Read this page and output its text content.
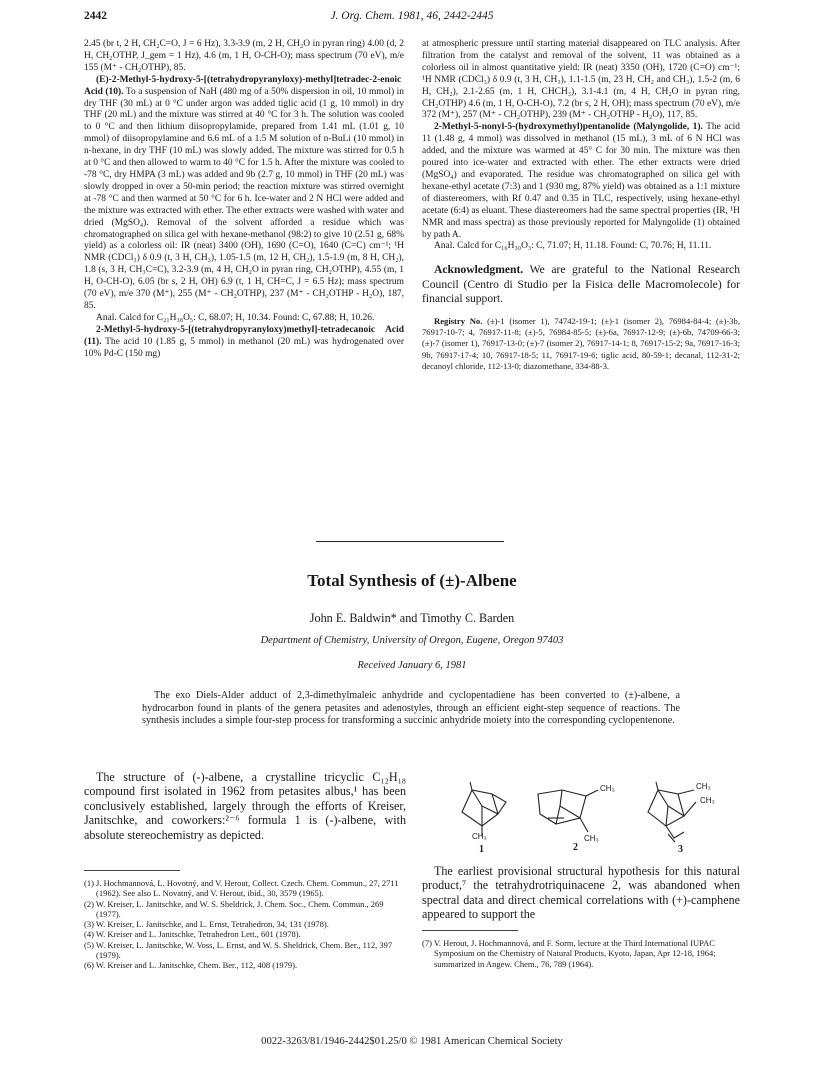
2442	J. Org. Chem. 1981, 46, 2442-2445

2.45 (br t, 2 H, CH₂C=O, J = 6 Hz), 3.3-3.9 (m, 2 H, CH₂O in pyran ring) 4.00 (d, 2 H, CH₂OTHP, J_gem = 1 Hz), 4.6 (m, 1 H, O-CH-O); mass spectrum (70 eV), m/e 155 (M⁺ - CH₂OTHP), 85.

(E)-2-Methyl-5-hydroxy-5-[(tetrahydropyranyloxy)-methyl]tetradec-2-enoic Acid (10). To a suspension of NaH (480 mg of a 50% dispersion in oil, 10 mmol) in dry THF (30 mL) at 0 °C under argon was added tiglic acid (1 g, 10 mmol) in dry THF (20 mL) and the mixture was stirred at 40 °C for 3 h. The solution was cooled to 0 °C and then lithium diisopropylamide, prepared from 1.41 mL (1.01 g, 10 mmol) of diisopropylamine and 6.6 mL of a 1.5 M solution of n-BuLi (10 mmol) in n-hexane, in dry THF (10 mL) was slowly added. The mixture was stirred for 0.5 h at 0 °C and then allowed to warm to 40 °C for 1.5 h. After the mixture was cooled to -78 °C, dry HMPA (3 mL) was added and 9b (2.7 g, 10 mmol) in THF (20 mL) was slowly dropped in over a 50-min period; the reaction mixture was stirred overnight at -78 °C and then warmed at 50 °C for 6 h. Ice-water and 2 N HCl were added and the mixture was extracted with ether. The ether extracts were washed with water and dried (MgSO₄). Removal of the solvent afforded a residue which was chromatographed on silica gel with hexane-methanol (98:2) to give 10 (2.51 g, 68% yield) as a colorless oil: IR (neat) 3400 (OH), 1690 (C=O), 1640 (C=C) cm⁻¹; ¹H NMR (CDCl₃) δ 0.9 (t, 3 H, CH₃), 1.05-1.5 (m, 12 H, CH₂), 1.5-1.9 (m, 8 H, CH₂), 1.8 (s, 3 H, CH₃C=C), 3.2-3.9 (m, 4 H, CH₂O in pyran ring, CH₂OTHP), 4.55 (m, 1 H, O-CH-O), 6.05 (br s, 2 H, OH) 6.9 (t, 1 H, CH=C, J = 6.5 Hz); mass spectrum (70 eV), m/e 370 (M⁺), 255 (M⁺ - CH₂OTHP), 237 (M⁺ - CH₂OTHP - H₂O), 187, 85.

Anal. Calcd for C₂₁H₃₈O₅: C, 68.07; H, 10.34. Found: C, 67.88; H, 10.26.

2-Methyl-5-hydroxy-5-[(tetrahydropyranyloxy)methyl]-tetradecanoic Acid (11). The acid 10 (1.85 g, 5 mmol) in methanol (20 mL) was hydrogenated over 10% Pd-C (150 mg)

at atmospheric pressure until starting material disappeared on TLC analysis. After filtration from the catalyst and removal of the solvent, 11 was obtained as a colorless oil in almost quantitative yield: IR (neat) 3350 (OH), 1720 (C=O) cm⁻¹; ¹H NMR (CDCl₃) δ 0.9 (t, 3 H, CH₃), 1.1-1.5 (m, 23 H, CH₂ and CH₃), 1.5-2 (m, 6 H, CH₂), 2.1-2.65 (m, 1 H, CHCH₃), 3.1-4.1 (m, 4 H, CH₂O in pyran ring, CH₂OTHP) 4.6 (m, 1 H, O-CH-O), 7.2 (br s, 2 H, OH); mass spectrum (70 eV), m/e 372 (M⁺), 257 (M⁺ - CH₂OTHP), 239 (M⁺ - CH₂OTHP - H₂O), 117, 85.

2-Methyl-5-nonyl-5-(hydroxymethyl)pentanolide (Malyngolide, 1). The acid 11 (1.48 g, 4 mmol) was dissolved in methanol (15 mL), 3 mL of 6 N HCl was added, and the mixture was warmed at 45° C for 30 min. The mixture was then poured into ice-water and extracted with ether. The ether extracts were dried (MgSO₄) and evaporated. The residue was chromatographed on silica gel with hexane-ethyl acetate (7:3) and 1 (930 mg, 87% yield) was obtained as a 1:1 mixture of diastereomers, with Rf 0.47 and 0.35 in TLC, respectively, using hexane-ethyl acetate (6:4) as eluant. These diastereomers had the same spectral properties (IR, ¹H NMR and mass spectra) as those previously reported for Malyngolide (1) obtained by path A.

Anal. Calcd for C₁₆H₃₀O₃: C, 71.07; H, 11.18. Found: C, 70.76; H, 11.11.

Acknowledgment. We are grateful to the National Research Council (Centro di Studio per la Fisica delle Macromolecole) for financial support.

Registry No. (±)-1 (isomer 1), 74742-19-1; (±)-1 (isomer 2), 76984-84-4; (±)-3b, 76917-10-7; 4, 76917-11-8; (±)-5, 76984-85-5; (±)-6a, 76917-12-9; (±)-6b, 74709-66-3; (±)-7 (isomer 1), 76917-13-0; (±)-7 (isomer 2), 76917-14-1; 8, 76917-15-2; 9a, 76917-16-3; 9b, 76917-17-4; 10, 76917-18-5; 11, 76917-19-6; tiglic acid, 80-59-1; decanal, 112-31-2; decanoyl chloride, 112-13-0; diazomethane, 334-88-3.

Total Synthesis of (±)-Albene
John E. Baldwin* and Timothy C. Barden
Department of Chemistry, University of Oregon, Eugene, Oregon 97403
Received January 6, 1981
The exo Diels-Alder adduct of 2,3-dimethylmaleic anhydride and cyclopentadiene has been converted to (±)-albene, a hydrocarbon found in plants of the genera petasites and adenostyles, through an efficient eight-step sequence of reactions. The synthesis includes a simple four-step process for transforming a succinic anhydride moiety into the corresponding cyclopentenone.
The structure of (-)-albene, a crystalline tricyclic C₁₂H₁₈ compound first isolated in 1962 from petasites albus,¹ has been conclusively established, largely through the efforts of Kreiser, Janitschke, and coworkers:²⁻⁶ formula 1 is (-)-albene, with absolute stereochemistry as depicted.	CH₃
CH₃
CH₃
CH₃
CH₃
1	2	3
The earliest provisional structural hypothesis for this natural product,⁷ the tetrahydrotriquinacene 2, was abandoned when spectral data and direct chemical correlations with (+)-camphene appeared to support the

(1) J. Hochmannová, L. Hovotný, and V. Herout, Collect. Czech. Chem. Commun., 27, 2711 (1962). See also L. Novatný, and V. Herout, ibid., 30, 3579 (1965).

(2) W. Kreiser, L. Janitschke, and W. S. Sheldrick, J. Chem. Soc., Chem. Commun., 269 (1977).

(3) W. Kreiser, L. Janitschke, and L. Ernst, Tetrahedron, 34, 131 (1978).

(4) W. Kreiser and L. Janitschke, Tetrahedron Lett., 601 (1978).

(5) W. Kreiser, L. Janitschke, W. Voss, L. Ernst, and W. S. Sheldrick, Chem. Ber., 112, 397 (1979).

(6) W. Kreiser and L. Janitschke, Chem. Ber., 112, 408 (1979).

(7) V. Herout, J. Hochmannová, and F. Sorm, lecture at the Third International IUPAC Symposium on the Chemistry of Natural Products, Kyoto, Japan, Apr 12-18, 1964; summarized in Angew. Chem., 76, 789 (1964).

0022-3263/81/1946-2442$01.25/0 © 1981 American Chemical Society
